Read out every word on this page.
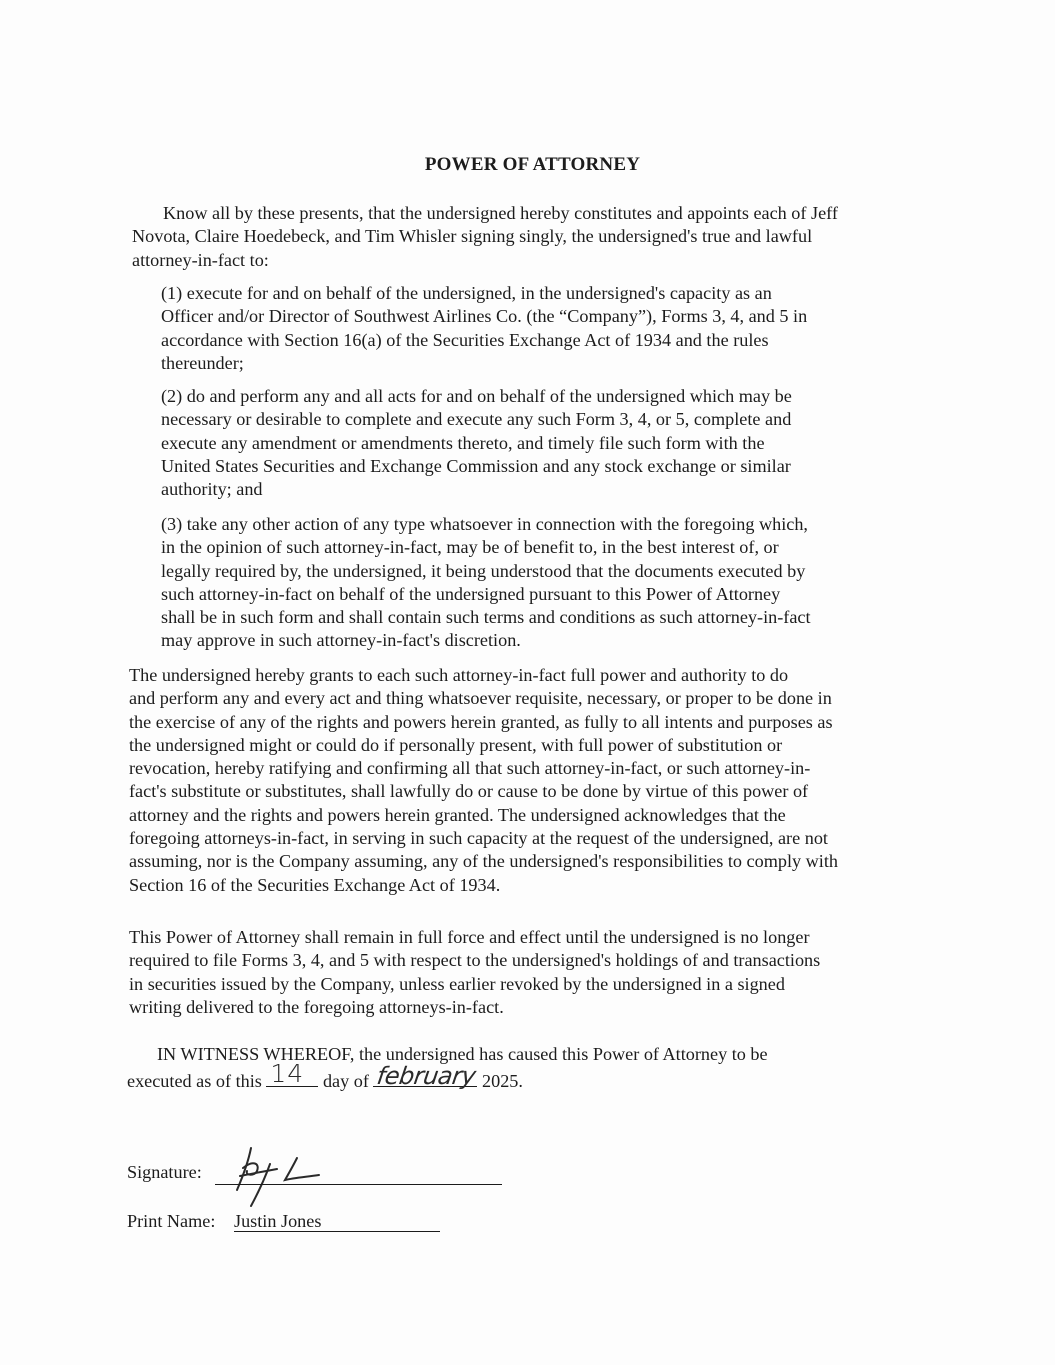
POWER OF ATTORNEY

Know all by these presents, that the undersigned hereby constitutes and appoints each of Jeff
Novota, Claire Hoedebeck, and Tim Whisler signing singly, the undersigned's true and lawful
attorney-in-fact to:

(1) execute for and on behalf of the undersigned, in the undersigned's capacity as an
Officer and/or Director of Southwest Airlines Co. (the “Company”), Forms 3, 4, and 5 in
accordance with Section 16(a) of the Securities Exchange Act of 1934 and the rules
thereunder;

(2) do and perform any and all acts for and on behalf of the undersigned which may be
necessary or desirable to complete and execute any such Form 3, 4, or 5, complete and
execute any amendment or amendments thereto, and timely file such form with the
United States Securities and Exchange Commission and any stock exchange or similar
authority; and

(3) take any other action of any type whatsoever in connection with the foregoing which,
in the opinion of such attorney-in-fact, may be of benefit to, in the best interest of, or
legally required by, the undersigned, it being understood that the documents executed by
such attorney-in-fact on behalf of the undersigned pursuant to this Power of Attorney
shall be in such form and shall contain such terms and conditions as such attorney-in-fact
may approve in such attorney-in-fact's discretion.

The undersigned hereby grants to each such attorney-in-fact full power and authority to do
and perform any and every act and thing whatsoever requisite, necessary, or proper to be done in
the exercise of any of the rights and powers herein granted, as fully to all intents and purposes as
the undersigned might or could do if personally present, with full power of substitution or
revocation, hereby ratifying and confirming all that such attorney-in-fact, or such attorney-in-
fact's substitute or substitutes, shall lawfully do or cause to be done by virtue of this power of
attorney and the rights and powers herein granted. The undersigned acknowledges that the
foregoing attorneys-in-fact, in serving in such capacity at the request of the undersigned, are not
assuming, nor is the Company assuming, any of the undersigned's responsibilities to comply with
Section 16 of the Securities Exchange Act of 1934.

This Power of Attorney shall remain in full force and effect until the undersigned is no longer
required to file Forms 3, 4, and 5 with respect to the undersigned's holdings of and transactions
in securities issued by the Company, unless earlier revoked by the undersigned in a signed
writing delivered to the foregoing attorneys-in-fact.

IN WITNESS WHEREOF, the undersigned has caused this Power of Attorney to be
executed as of this 14 day of february 2025.
Signature:
Print Name: Justin Jones
